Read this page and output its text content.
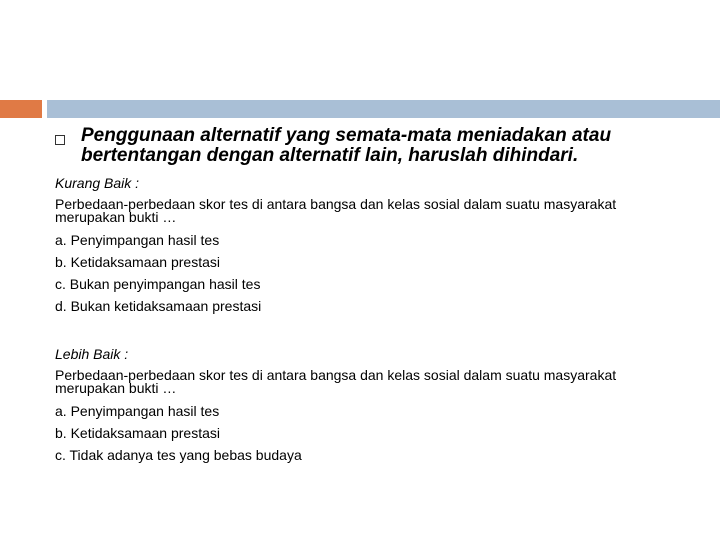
Penggunaan alternatif yang semata-mata meniadakan atau bertentangan dengan alternatif lain, haruslah dihindari.
Kurang Baik :
Perbedaan-perbedaan skor tes di antara bangsa dan kelas sosial dalam suatu masyarakat merupakan bukti …
a. Penyimpangan hasil tes
b. Ketidaksamaan prestasi
c. Bukan penyimpangan hasil tes
d. Bukan ketidaksamaan prestasi
Lebih Baik :
Perbedaan-perbedaan skor tes di antara bangsa dan kelas sosial dalam suatu masyarakat merupakan bukti …
a. Penyimpangan hasil tes
b. Ketidaksamaan prestasi
c. Tidak adanya tes yang bebas budaya
